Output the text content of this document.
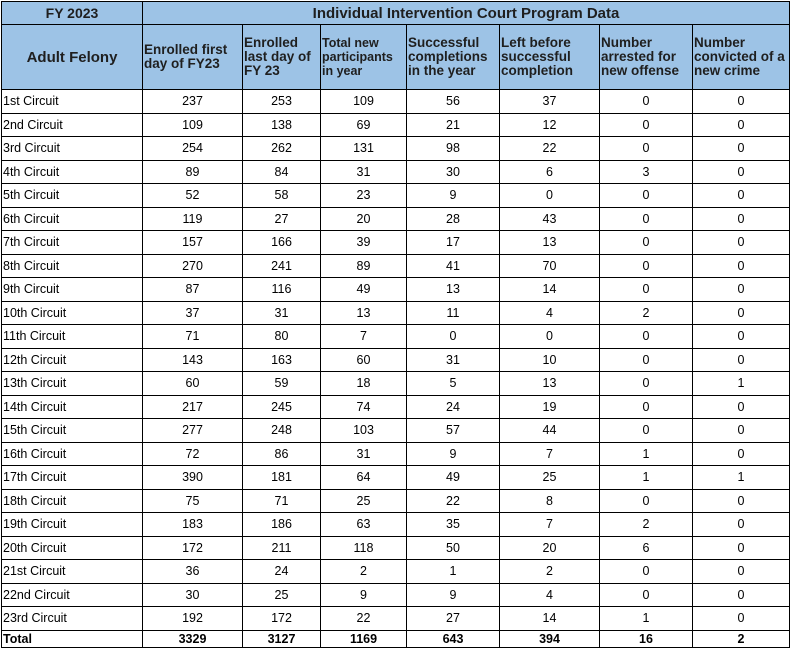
FY 2023	Individual Intervention Court Program Data						
Adult Felony	Enrolled first day of FY23	Enrolled last day of FY 23	Total new participants in year	Successful completions in the year	Left before successful completion	Number arrested for new offense	Number convicted of a new crime
1st Circuit	237	253	109	56	37	0	0
2nd Circuit	109	138	69	21	12	0	0
3rd Circuit	254	262	131	98	22	0	0
4th Circuit	89	84	31	30	6	3	0
5th Circuit	52	58	23	9	0	0	0
6th Circuit	119	27	20	28	43	0	0
7th Circuit	157	166	39	17	13	0	0
8th Circuit	270	241	89	41	70	0	0
9th Circuit	87	116	49	13	14	0	0
10th Circuit	37	31	13	11	4	2	0
11th Circuit	71	80	7	0	0	0	0
12th Circuit	143	163	60	31	10	0	0
13th Circuit	60	59	18	5	13	0	1
14th Circuit	217	245	74	24	19	0	0
15th Circuit	277	248	103	57	44	0	0
16th Circuit	72	86	31	9	7	1	0
17th Circuit	390	181	64	49	25	1	1
18th Circuit	75	71	25	22	8	0	0
19th Circuit	183	186	63	35	7	2	0
20th Circuit	172	211	118	50	20	6	0
21st Circuit	36	24	2	1	2	0	0
22nd Circuit	30	25	9	9	4	0	0
23rd Circuit	192	172	22	27	14	1	0
Total	3329	3127	1169	643	394	16	2
